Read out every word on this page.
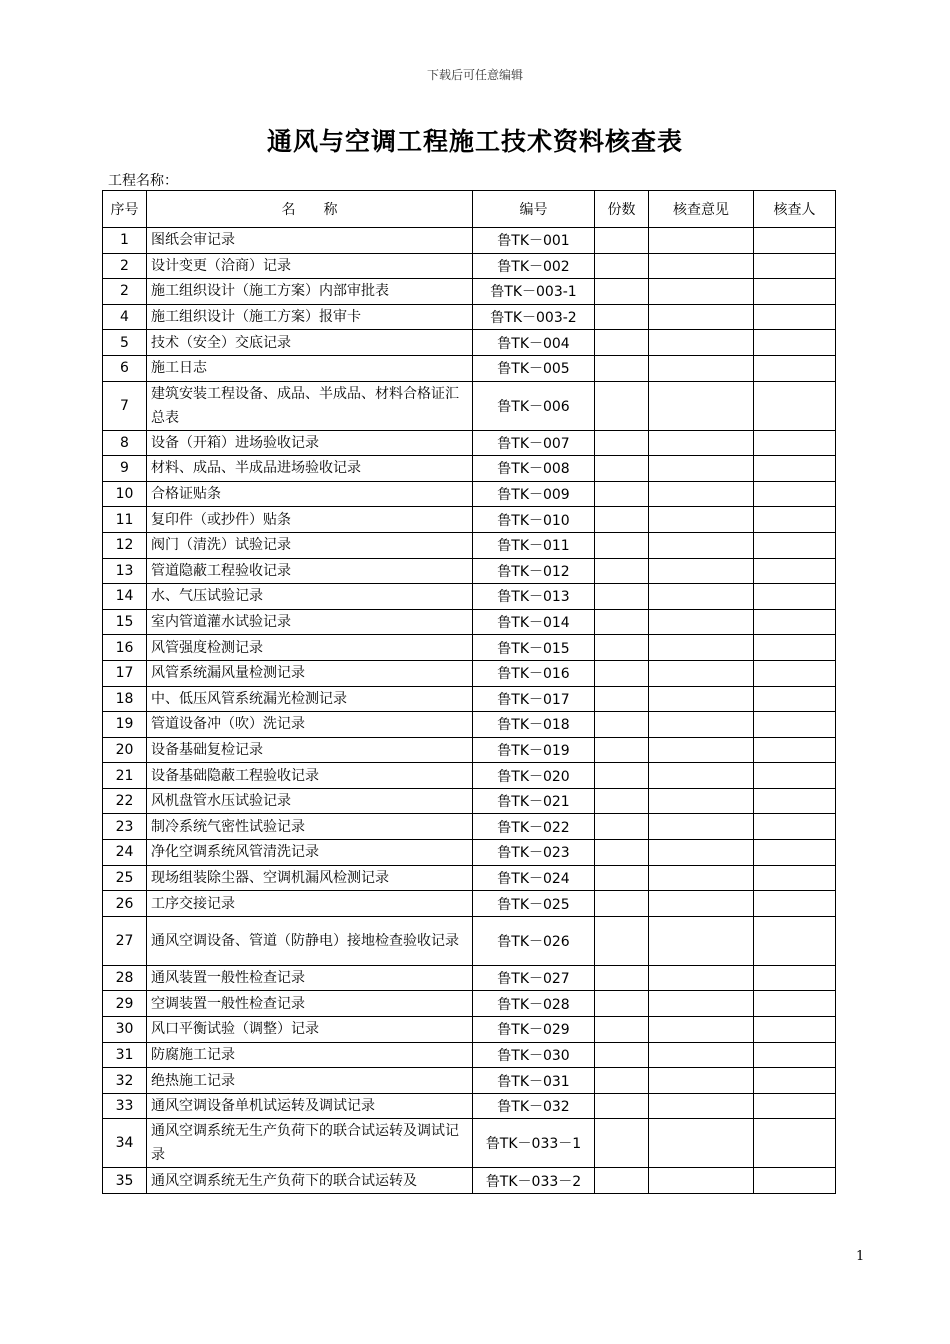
下载后可任意编辑
通风与空调工程施工技术资料核查表
工程名称：
序号	名　　称	编号	份数	核查意见	核查人
1	图纸会审记录	鲁TK－001			
2	设计变更（洽商）记录	鲁TK－002			
2	施工组织设计（施工方案）内部审批表	鲁TK－003-1			
4	施工组织设计（施工方案）报审卡	鲁TK－003-2			
5	技术（安全）交底记录	鲁TK－004			
6	施工日志	鲁TK－005			
7	建筑安装工程设备、成品、半成品、材料合格证汇总表	鲁TK－006			
8	设备（开箱）进场验收记录	鲁TK－007			
9	材料、成品、半成品进场验收记录	鲁TK－008			
10	合格证贴条	鲁TK－009			
11	复印件（或抄件）贴条	鲁TK－010			
12	阀门（清洗）试验记录	鲁TK－011			
13	管道隐蔽工程验收记录	鲁TK－012			
14	水、气压试验记录	鲁TK－013			
15	室内管道灌水试验记录	鲁TK－014			
16	风管强度检测记录	鲁TK－015			
17	风管系统漏风量检测记录	鲁TK－016			
18	中、低压风管系统漏光检测记录	鲁TK－017			
19	管道设备冲（吹）洗记录	鲁TK－018			
20	设备基础复检记录	鲁TK－019			
21	设备基础隐蔽工程验收记录	鲁TK－020			
22	风机盘管水压试验记录	鲁TK－021			
23	制冷系统气密性试验记录	鲁TK－022			
24	净化空调系统风管清洗记录	鲁TK－023			
25	现场组装除尘器、空调机漏风检测记录	鲁TK－024			
26	工序交接记录	鲁TK－025			
27	通风空调设备、管道（防静电）接地检查验收记录	鲁TK－026			
28	通风装置一般性检查记录	鲁TK－027			
29	空调装置一般性检查记录	鲁TK－028			
30	风口平衡试验（调整）记录	鲁TK－029			
31	防腐施工记录	鲁TK－030			
32	绝热施工记录	鲁TK－031			
33	通风空调设备单机试运转及调试记录	鲁TK－032			
34	通风空调系统无生产负荷下的联合试运转及调试记录	鲁TK－033－1			
35	通风空调系统无生产负荷下的联合试运转及	鲁TK－033－2			
1
